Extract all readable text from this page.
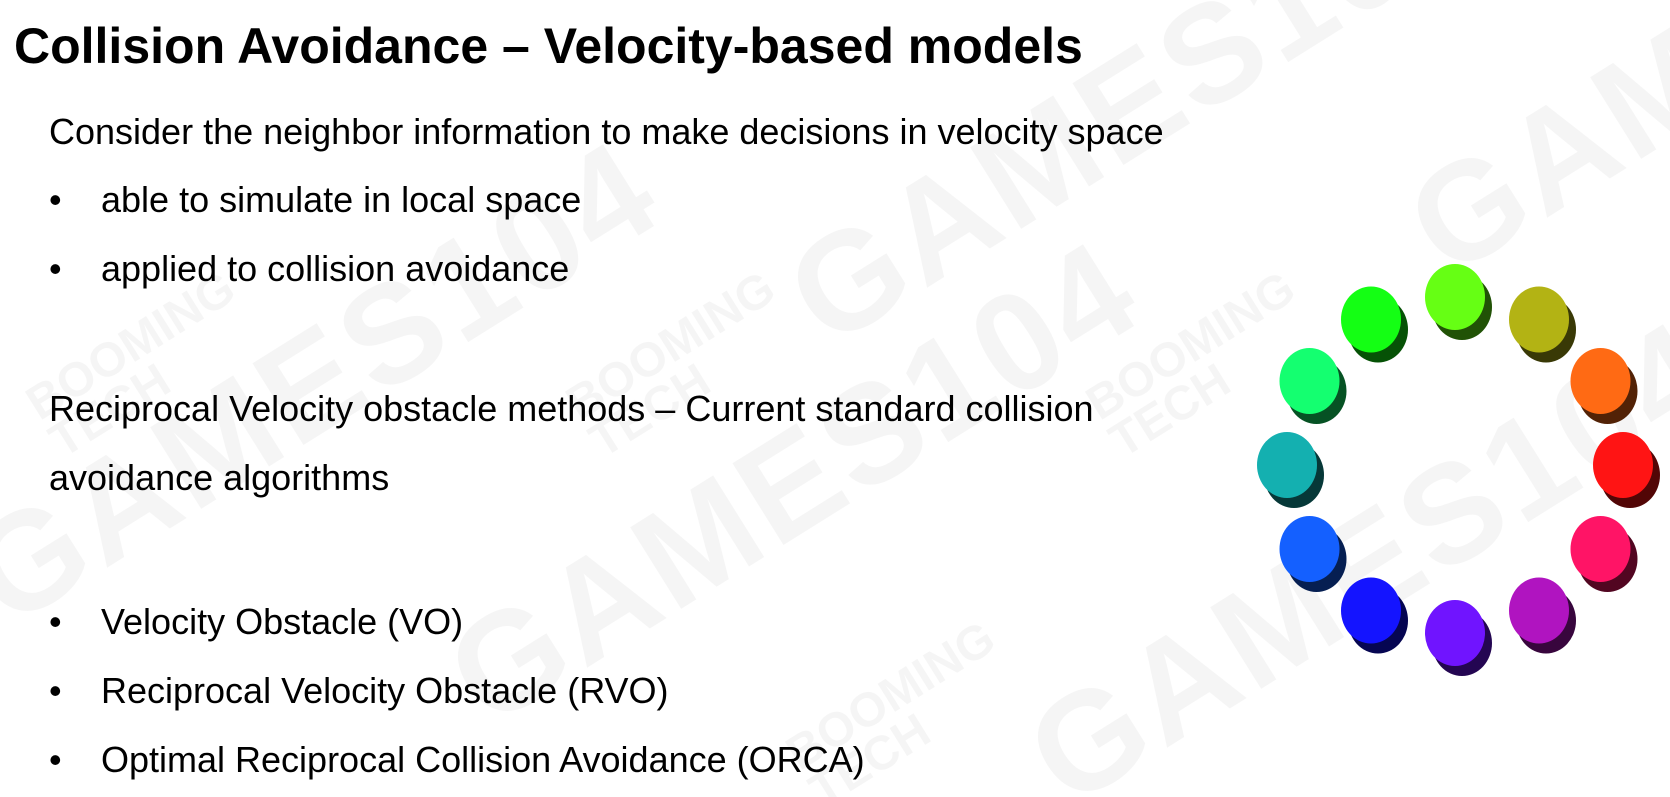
Collision Avoidance – Velocity-based models
Consider the neighbor information to make decisions in velocity space
• able to simulate in local space
• applied to collision avoidance
Reciprocal Velocity obstacle methods – Current standard collision
avoidance algorithms
• Velocity Obstacle (VO)
• Reciprocal Velocity Obstacle (RVO)
• Optimal Reciprocal Collision Avoidance (ORCA)
